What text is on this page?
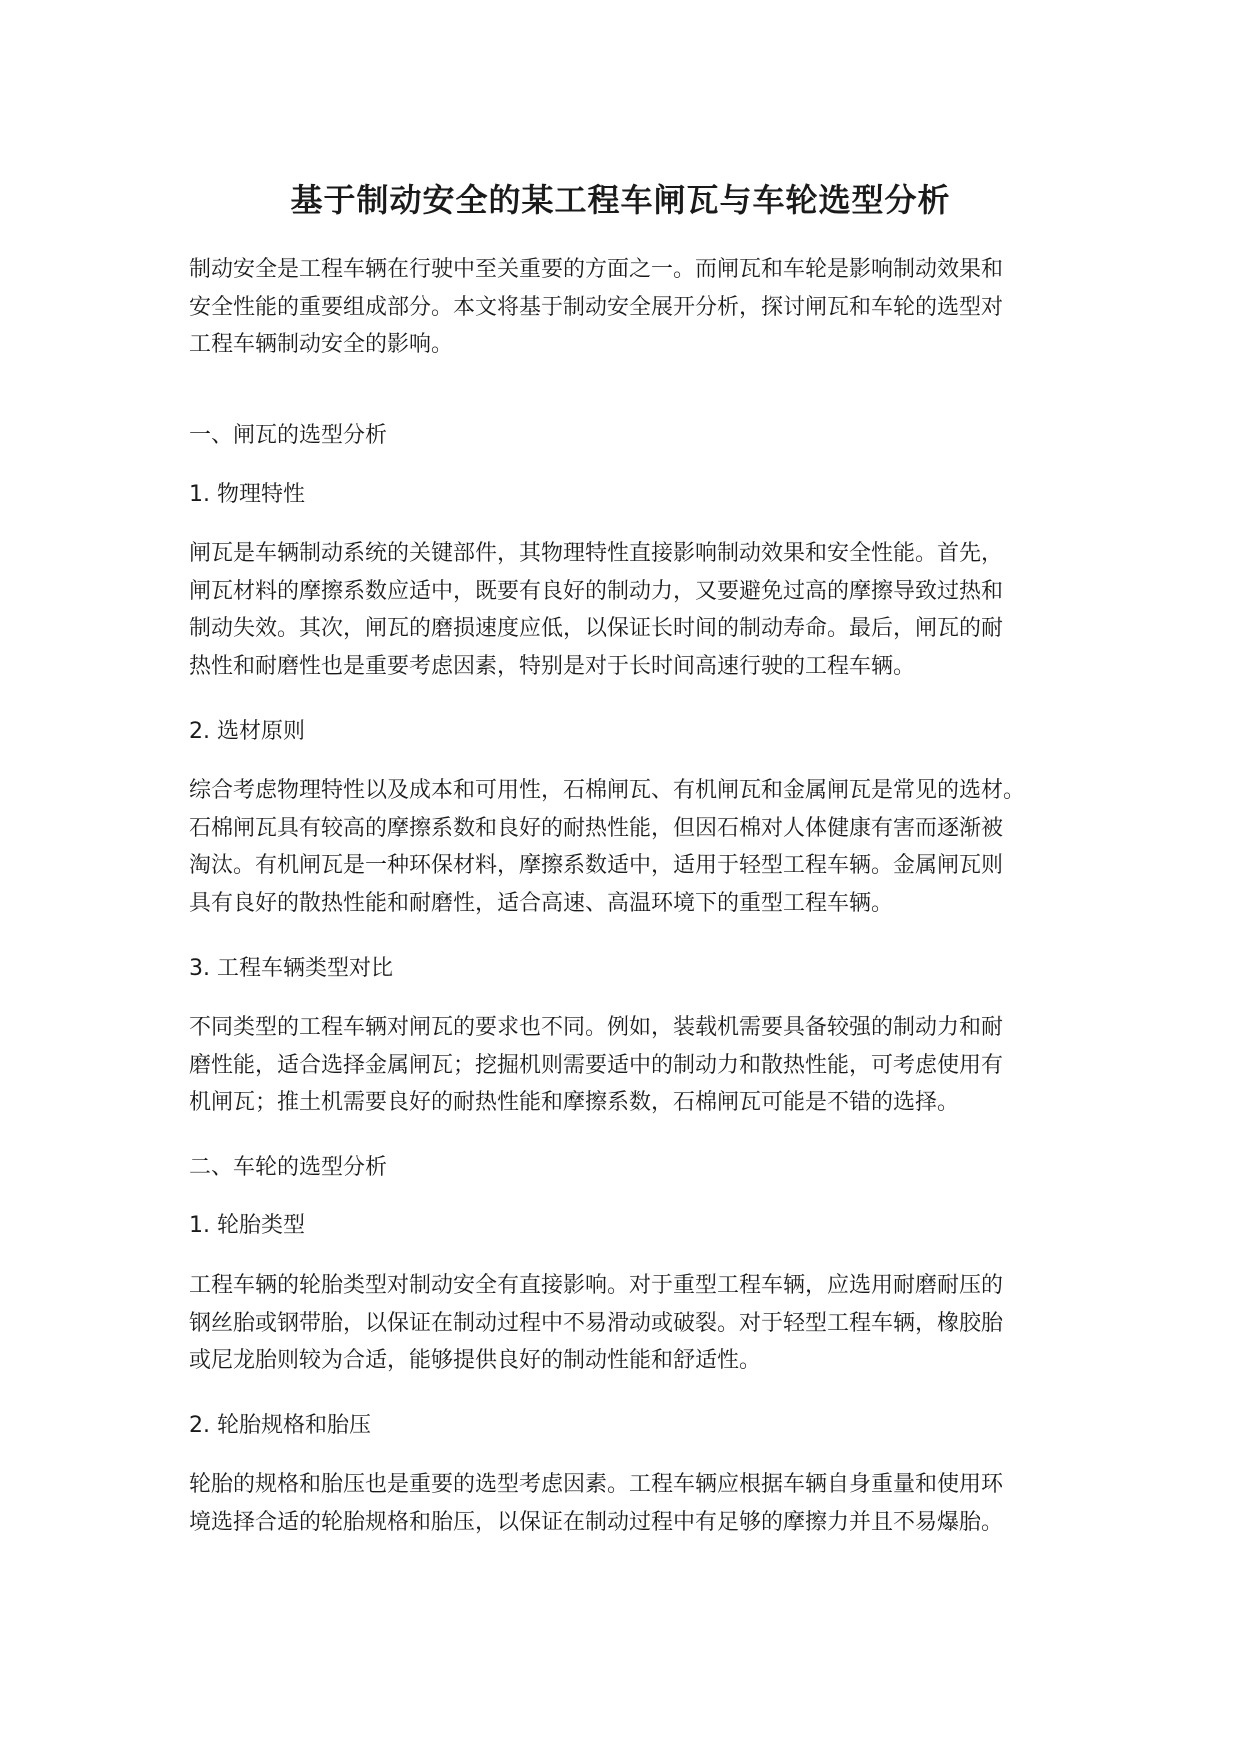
基于制动安全的某工程车闸瓦与车轮选型分析

制动安全是工程车辆在行驶中至关重要的方面之一。而闸瓦和车轮是影响制动效果和
安全性能的重要组成部分。本文将基于制动安全展开分析，探讨闸瓦和车轮的选型对
工程车辆制动安全的影响。

一、闸瓦的选型分析
1. 物理特性

闸瓦是车辆制动系统的关键部件，其物理特性直接影响制动效果和安全性能。首先，
闸瓦材料的摩擦系数应适中，既要有良好的制动力，又要避免过高的摩擦导致过热和
制动失效。其次，闸瓦的磨损速度应低，以保证长时间的制动寿命。最后，闸瓦的耐
热性和耐磨性也是重要考虑因素，特别是对于长时间高速行驶的工程车辆。

2. 选材原则

综合考虑物理特性以及成本和可用性，石棉闸瓦、有机闸瓦和金属闸瓦是常见的选材。
石棉闸瓦具有较高的摩擦系数和良好的耐热性能，但因石棉对人体健康有害而逐渐被
淘汰。有机闸瓦是一种环保材料，摩擦系数适中，适用于轻型工程车辆。金属闸瓦则
具有良好的散热性能和耐磨性，适合高速、高温环境下的重型工程车辆。

3. 工程车辆类型对比

不同类型的工程车辆对闸瓦的要求也不同。例如，装载机需要具备较强的制动力和耐
磨性能，适合选择金属闸瓦；挖掘机则需要适中的制动力和散热性能，可考虑使用有
机闸瓦；推土机需要良好的耐热性能和摩擦系数，石棉闸瓦可能是不错的选择。

二、车轮的选型分析
1. 轮胎类型

工程车辆的轮胎类型对制动安全有直接影响。对于重型工程车辆，应选用耐磨耐压的
钢丝胎或钢带胎，以保证在制动过程中不易滑动或破裂。对于轻型工程车辆，橡胶胎
或尼龙胎则较为合适，能够提供良好的制动性能和舒适性。

2. 轮胎规格和胎压

轮胎的规格和胎压也是重要的选型考虑因素。工程车辆应根据车辆自身重量和使用环
境选择合适的轮胎规格和胎压，以保证在制动过程中有足够的摩擦力并且不易爆胎。
